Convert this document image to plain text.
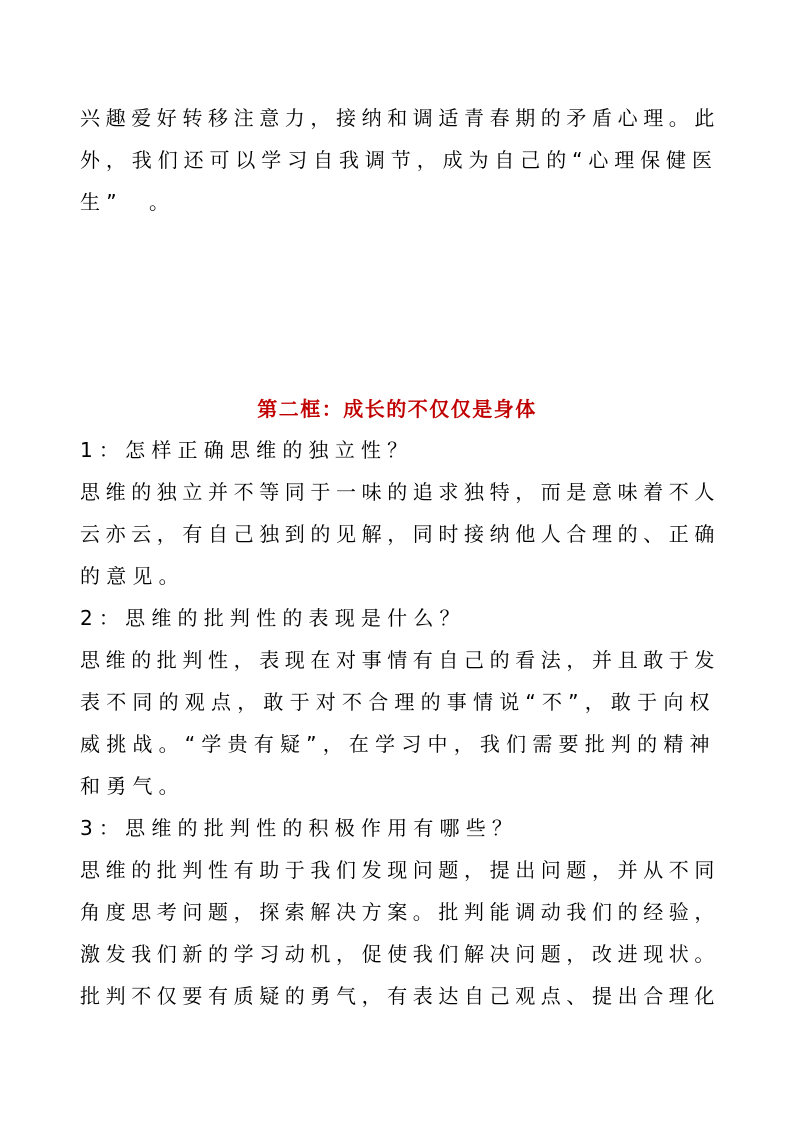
兴趣爱好转移注意力，接纳和调适青春期的矛盾心理。此
外，我们还可以学习自我调节，成为自己的“心理保健医
生”　。
第二框：成长的不仅仅是身体
1：怎样正确思维的独立性？
思维的独立并不等同于一味的追求独特，而是意味着不人
云亦云，有自己独到的见解，同时接纳他人合理的、正确
的意见。
2：思维的批判性的表现是什么？
思维的批判性，表现在对事情有自己的看法，并且敢于发
表不同的观点，敢于对不合理的事情说“不”，敢于向权
威挑战。“学贵有疑”，在学习中，我们需要批判的精神
和勇气。
3：思维的批判性的积极作用有哪些？
思维的批判性有助于我们发现问题，提出问题，并从不同
角度思考问题，探索解决方案。批判能调动我们的经验，
激发我们新的学习动机，促使我们解决问题，改进现状。
批判不仅要有质疑的勇气，有表达自己观点、提出合理化
